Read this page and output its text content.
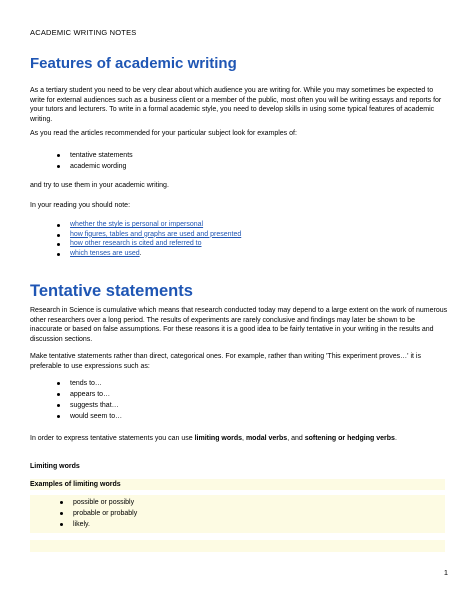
ACADEMIC WRITING NOTES
Features of academic writing

As a tertiary student you need to be very clear about which audience you are writing for. While you may sometimes be expected to write for external audiences such as a business client or a member of the public, most often you will be writing essays and reports for your tutors and lecturers. To write in a formal academic style, you need to develop skills in using some typical features of academic writing.

As you read the articles recommended for your particular subject look for examples of:

tentative statements
academic wording

and try to use them in your academic writing.

In your reading you should note:

whether the style is personal or impersonal
how figures, tables and graphs are used and presented
how other research is cited and referred to
which tenses are used.
Tentative statements

Research in Science is cumulative which means that research conducted today may depend to a large extent on the work of numerous other researchers over a long period. The results of experiments are rarely conclusive and findings may later be shown to be inaccurate or based on false assumptions. For these reasons it is a good idea to be fairly tentative in your writing in the results and discussion sections.

Make tentative statements rather than direct, categorical ones. For example, rather than writing 'This experiment proves…' it is preferable to use expressions such as:

tends to…
appears to…
suggests that…
would seem to…

In order to express tentative statements you can use limiting words, modal verbs, and softening or hedging verbs.

Limiting words

Examples of limiting words

possible or possibly
probable or probably
likely.
1
